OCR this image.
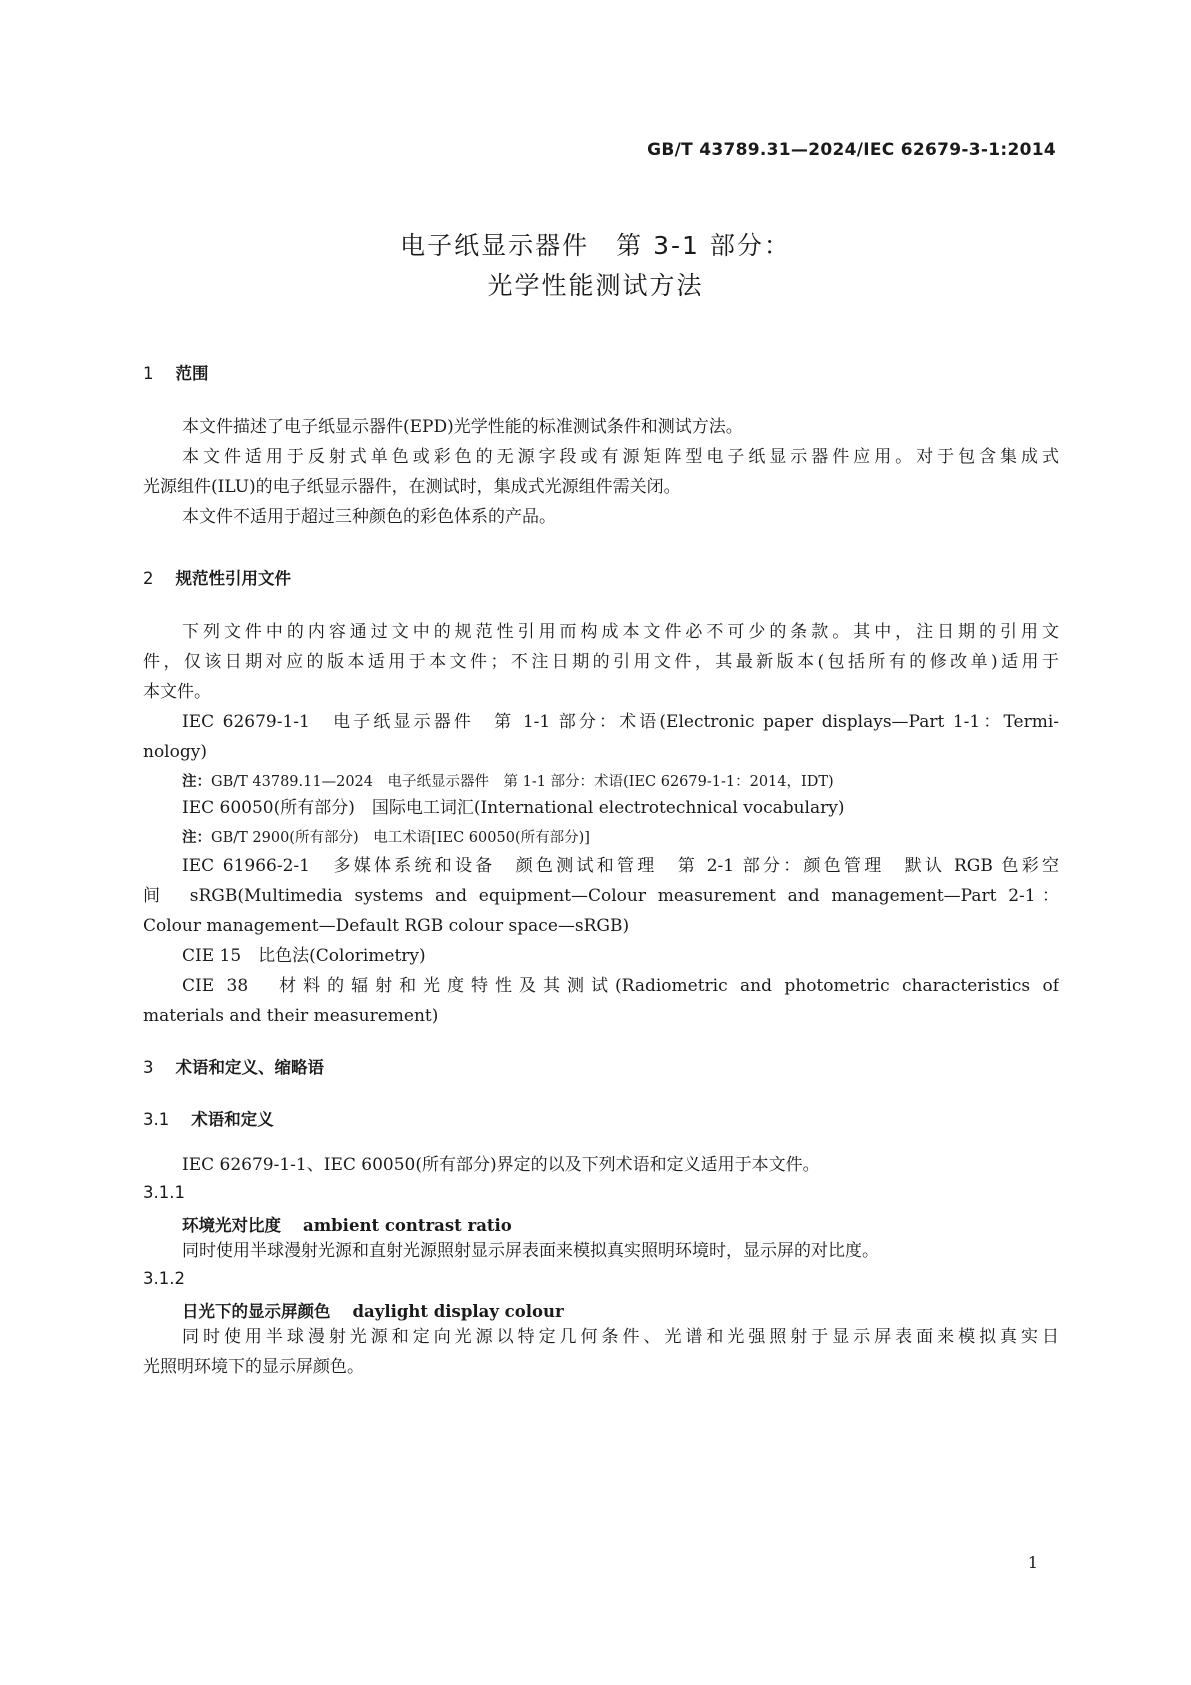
GB/T 43789.31—2024/IEC 62679-3-1:2014
电子纸显示器件　第 3-1 部分：
光学性能测试方法
1 范围
本文件描述了电子纸显示器件(EPD)光学性能的标准测试条件和测试方法。
本文件适用于反射式单色或彩色的无源字段或有源矩阵型电子纸显示器件应用。对于包含集成式
光源组件(ILU)的电子纸显示器件，在测试时，集成式光源组件需关闭。
本文件不适用于超过三种颜色的彩色体系的产品。
2 规范性引用文件
下列文件中的内容通过文中的规范性引用而构成本文件必不可少的条款。其中，注日期的引用文
件，仅该日期对应的版本适用于本文件；不注日期的引用文件，其最新版本(包括所有的修改单)适用于
本文件。
IEC 62679-1-1　电子纸显示器件　第 1-1 部分：术语(Electronic paper displays—Part 1-1：Termi-
nology)
注：GB/T 43789.11—2024　电子纸显示器件　第 1-1 部分：术语(IEC 62679-1-1：2014，IDT)
IEC 60050(所有部分)　国际电工词汇(International electrotechnical vocabulary)
注：GB/T 2900(所有部分)　电工术语[IEC 60050(所有部分)]
IEC 61966-2-1　多媒体系统和设备　颜色测试和管理　第 2-1 部分：颜色管理　默认 RGB 色彩空
间　sRGB(Multimedia systems and equipment—Colour measurement and management—Part 2-1：
Colour management—Default RGB colour space—sRGB)
CIE 15　比色法(Colorimetry)
CIE 38　材料的辐射和光度特性及其测试(Radiometric and photometric characteristics of
materials and their measurement)
3 术语和定义、缩略语
3.1 术语和定义
IEC 62679-1-1、IEC 60050(所有部分)界定的以及下列术语和定义适用于本文件。
3.1.1
环境光对比度 ambient contrast ratio
同时使用半球漫射光源和直射光源照射显示屏表面来模拟真实照明环境时，显示屏的对比度。
3.1.2
日光下的显示屏颜色 daylight display colour
同时使用半球漫射光源和定向光源以特定几何条件、光谱和光强照射于显示屏表面来模拟真实日
光照明环境下的显示屏颜色。
1
